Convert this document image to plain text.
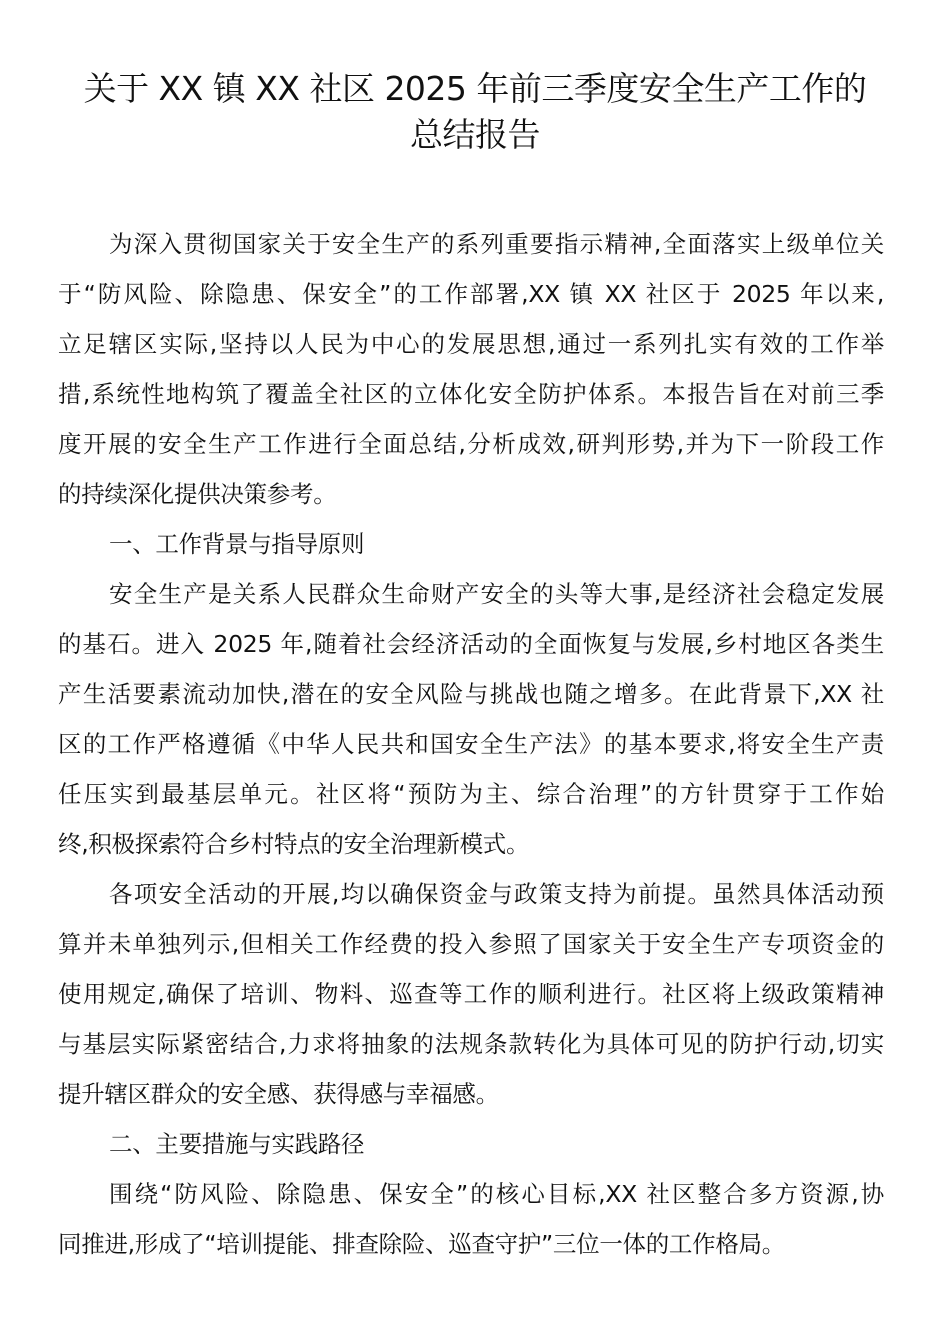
关于 XX 镇 XX 社区 2025 年前三季度安全生产工作的
总结报告
为深入贯彻国家关于安全生产的系列重要指示精神,全面落实上级单位关
于“防风险、除隐患、保安全”的工作部署,XX 镇 XX 社区于 2025 年以来,
立足辖区实际,坚持以人民为中心的发展思想,通过一系列扎实有效的工作举
措,系统性地构筑了覆盖全社区的立体化安全防护体系。本报告旨在对前三季
度开展的安全生产工作进行全面总结,分析成效,研判形势,并为下一阶段工作
的持续深化提供决策参考。
一、工作背景与指导原则
安全生产是关系人民群众生命财产安全的头等大事,是经济社会稳定发展
的基石。进入 2025 年,随着社会经济活动的全面恢复与发展,乡村地区各类生
产生活要素流动加快,潜在的安全风险与挑战也随之增多。在此背景下,XX 社
区的工作严格遵循《中华人民共和国安全生产法》的基本要求,将安全生产责
任压实到最基层单元。社区将“预防为主、综合治理”的方针贯穿于工作始
终,积极探索符合乡村特点的安全治理新模式。
各项安全活动的开展,均以确保资金与政策支持为前提。虽然具体活动预
算并未单独列示,但相关工作经费的投入参照了国家关于安全生产专项资金的
使用规定,确保了培训、物料、巡查等工作的顺利进行。社区将上级政策精神
与基层实际紧密结合,力求将抽象的法规条款转化为具体可见的防护行动,切实
提升辖区群众的安全感、获得感与幸福感。
二、主要措施与实践路径
围绕“防风险、除隐患、保安全”的核心目标,XX 社区整合多方资源,协
同推进,形成了“培训提能、排查除险、巡查守护”三位一体的工作格局。
